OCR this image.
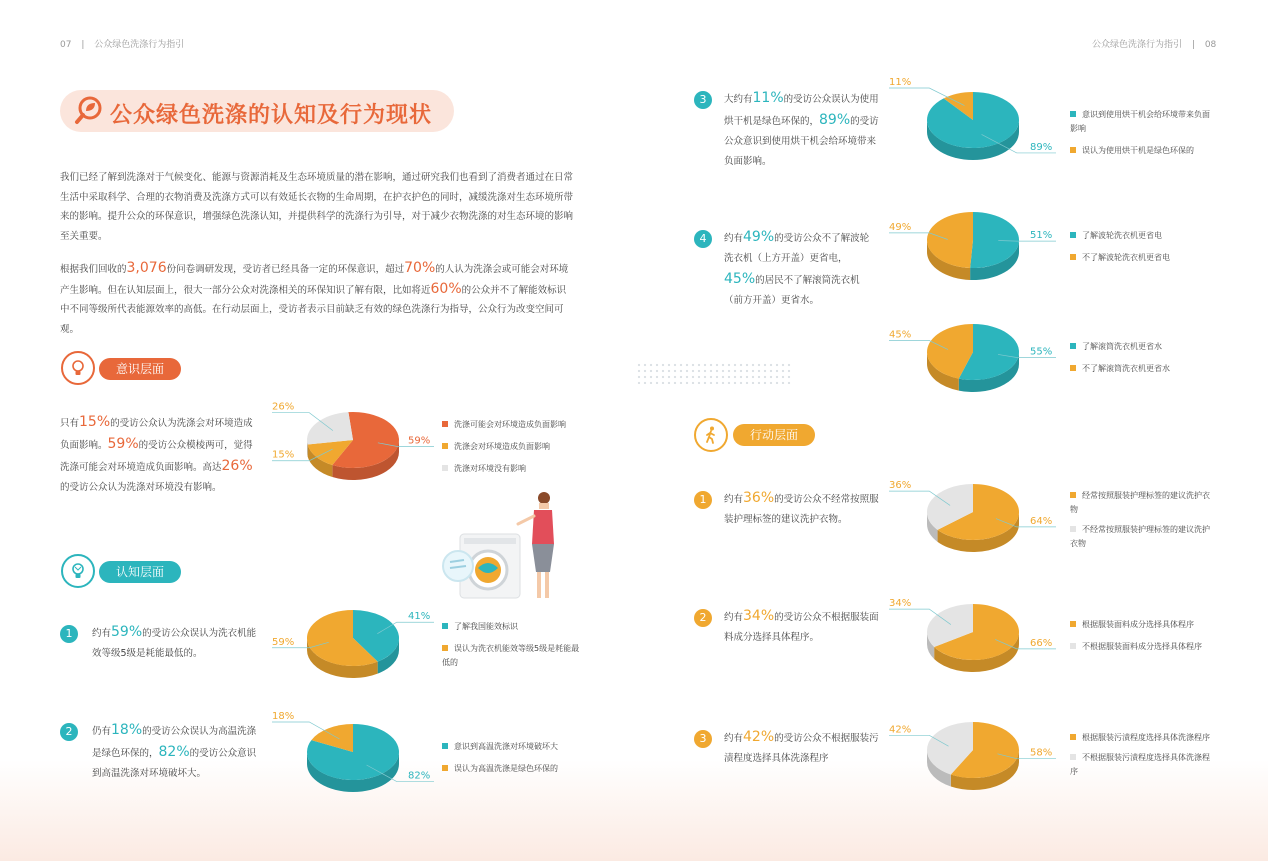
07 | 公众绿色洗涤行为指引	公众绿色洗涤行为指引 | 08
公众绿色洗涤的认知及行为现状
我们已经了解到洗涤对于气候变化、能源与资源消耗及生态环境质量的潜在影响，通过研究我们也看到了消费者通过在日常生活中采取科学、合理的衣物消费及洗涤方式可以有效延长衣物的生命周期，在护衣护色的同时，减缓洗涤对生态环境所带来的影响。提升公众的环保意识，增强绿色洗涤认知，并提供科学的洗涤行为引导，对于减少衣物洗涤的对生态环境的影响至关重要。
根据我们回收的3,076份问卷调研发现，受访者已经具备一定的环保意识，超过70%的人认为洗涤会或可能会对环境产生影响。但在认知层面上，很大一部分公众对洗涤相关的环保知识了解有限，比如将近60%的公众并不了解能效标识中不同等级所代表能源效率的高低。在行动层面上，受访者表示目前缺乏有效的绿色洗涤行为指导，公众行为改变空间可观。
意识层面
只有15%的受访公众认为洗涤会对环境造成负面影响。59%的受访公众模棱两可，觉得洗涤可能会对环境造成负面影响。高达26%的受访公众认为洗涤对环境没有影响。
59%
15%
26%
洗涤可能会对环境造成负面影响
洗涤会对环境造成负面影响
洗涤对环境没有影响
认知层面
1	约有59%的受访公众误认为洗衣机能效等级5级是耗能最低的。
41%
59%
了解我国能效标识
误认为洗衣机能效等级5级是耗能最低的
2	仍有18%的受访公众误认为高温洗涤是绿色环保的，82%的受访公众意识到高温洗涤对环境破坏大。	82%
18%
意识到高温洗涤对环境破坏大
误认为高温洗涤是绿色环保的
3	大约有11%的受访公众误认为使用烘干机是绿色环保的，89%的受访公众意识到使用烘干机会给环境带来负面影响。
89%
11%
意识到使用烘干机会给环境带来负面影响
误认为使用烘干机是绿色环保的
4	约有49%的受访公众不了解波轮洗衣机（上方开盖）更省电，45%的居民不了解滚筒洗衣机（前方开盖）更省水。
51%
49%
了解波轮洗衣机更省电
不了解波轮洗衣机更省电
55%
45%
了解滚筒洗衣机更省水
不了解滚筒洗衣机更省水
行动层面
1	约有36%的受访公众不经常按照服装护理标签的建议洗护衣物。	64%
36%
经常按照服装护理标签的建议洗护衣物
不经常按照服装护理标签的建议洗护衣物
2	约有34%的受访公众不根据服装面料成分选择具体程序。
66%
34%
根据服装面料成分选择具体程序
不根据服装面料成分选择具体程序
3	约有42%的受访公众不根据服装污渍程度选择具体洗涤程序	58%
42%
根据服装污渍程度选择具体洗涤程序
不根据服装污渍程度选择具体洗涤程序
